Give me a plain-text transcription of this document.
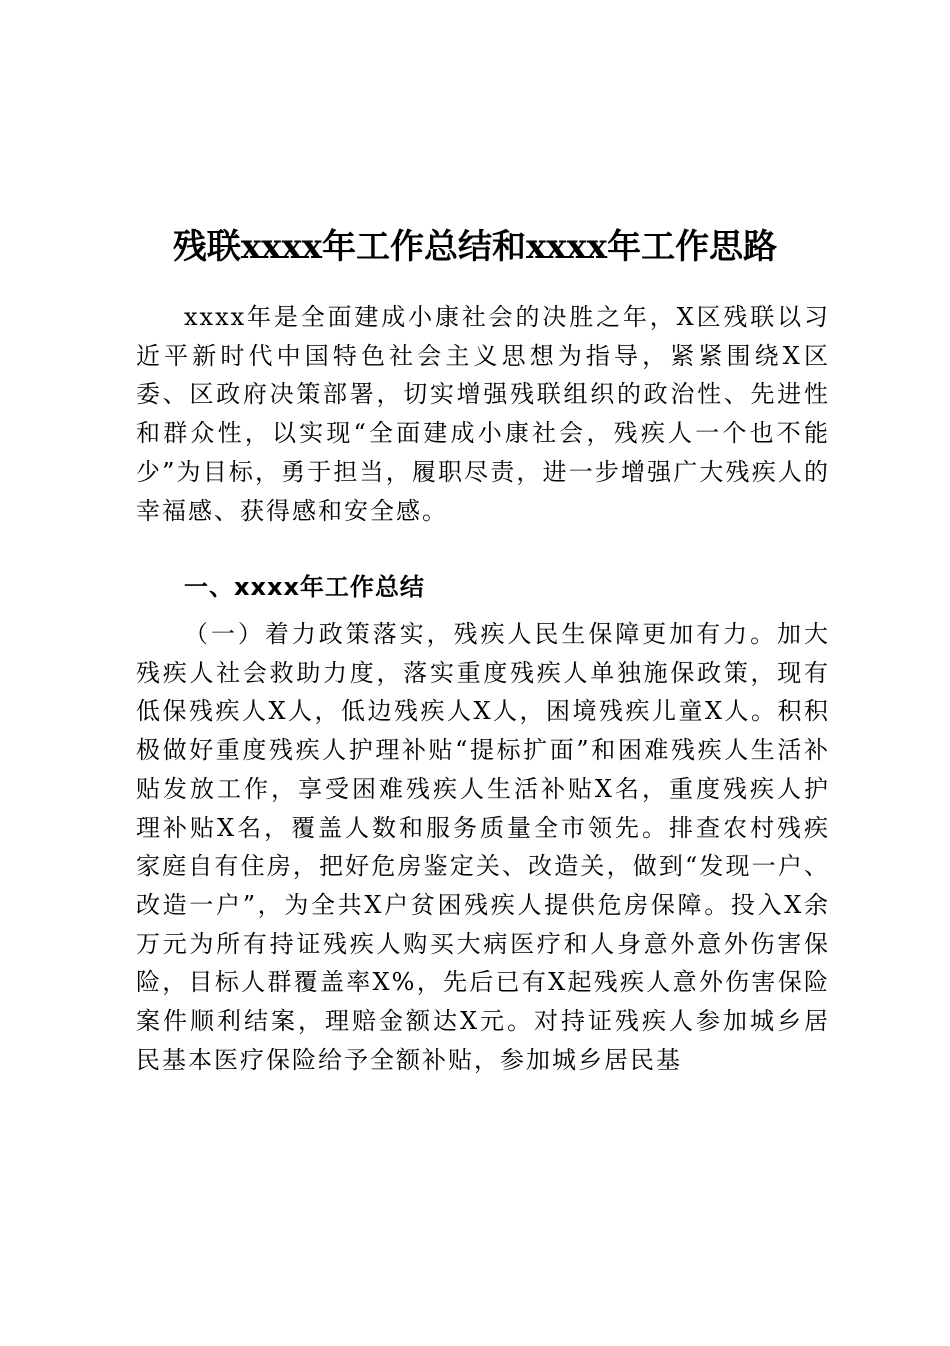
残联xxxx年工作总结和xxxx年工作思路

xxxx年是全面建成小康社会的决胜之年，X区残联以习近平新时代中国特色社会主义思想为指导，紧紧围绕X区委、区政府决策部署，切实增强残联组织的政治性、先进性和群众性，以实现“全面建成小康社会，残疾人一个也不能少”为目标，勇于担当，履职尽责，进一步增强广大残疾人的幸福感、获得感和安全感。

一、xxxx年工作总结

（一）着力政策落实，残疾人民生保障更加有力。加大残疾人社会救助力度，落实重度残疾人单独施保政策，现有低保残疾人X人，低边残疾人X人，困境残疾儿童X人。积积极做好重度残疾人护理补贴“提标扩面”和困难残疾人生活补贴发放工作，享受困难残疾人生活补贴X名，重度残疾人护理补贴X名，覆盖人数和服务质量全市领先。排查农村残疾家庭自有住房，把好危房鉴定关、改造关，做到“发现一户、改造一户”，为全共X户贫困残疾人提供危房保障。投入X余万元为所有持证残疾人购买大病医疗和人身意外意外伤害保险，目标人群覆盖率X%，先后已有X起残疾人意外伤害保险案件顺利结案，理赔金额达X元。对持证残疾人参加城乡居民基本医疗保险给予全额补贴，参加城乡居民基
